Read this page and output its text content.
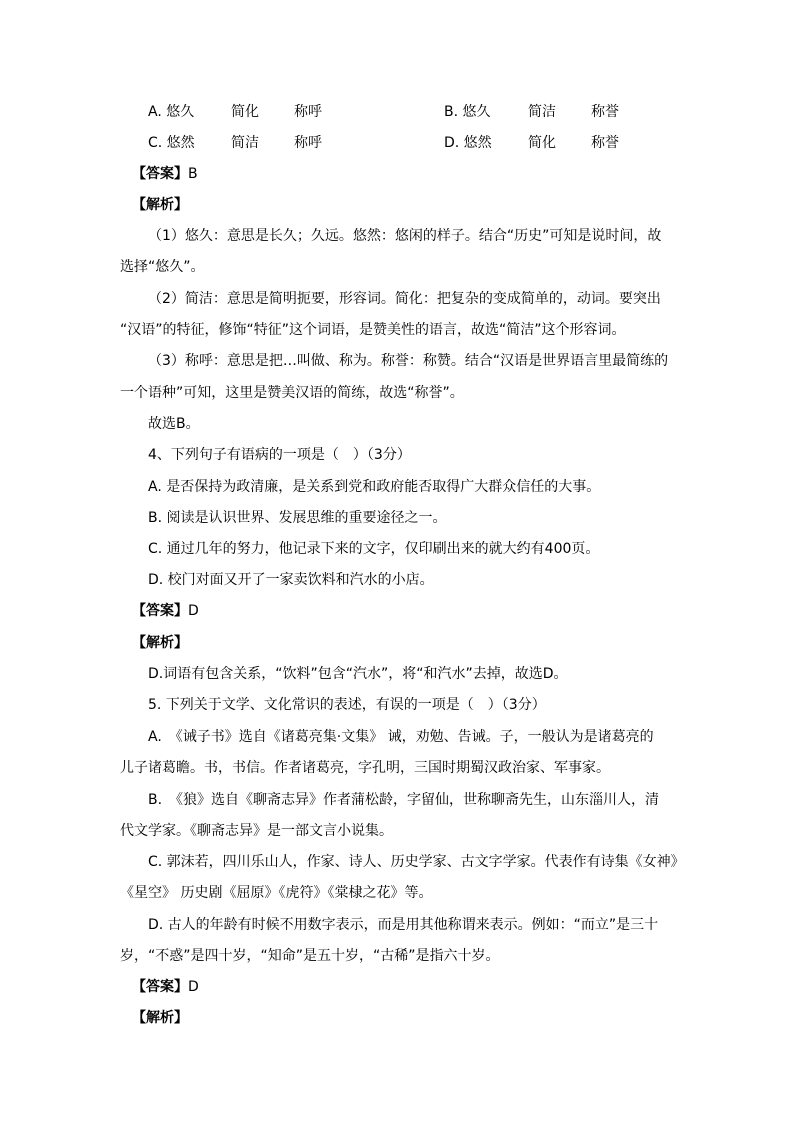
A. 悠久	简化	称呼	B. 悠久	简洁	称誉
C. 悠然	简洁	称呼	D. 悠然	简化	称誉
【答案】B
【解析】
（1）悠久：意思是长久；久远。悠然：悠闲的样子。结合“历史”可知是说时间，故
选择“悠久”。
（2）简洁：意思是简明扼要，形容词。简化：把复杂的变成简单的，动词。要突出
“汉语”的特征，修饰“特征”这个词语，是赞美性的语言，故选“简洁”这个形容词。
（3）称呼：意思是把…叫做、称为。称誉：称赞。结合“汉语是世界语言里最简练的
一个语种”可知，这里是赞美汉语的简练，故选“称誉”。
故选B。
4、下列句子有语病的一项是（　）（3分）
A. 是否保持为政清廉，是关系到党和政府能否取得广大群众信任的大事。
B. 阅读是认识世界、发展思维的重要途径之一。
C. 通过几年的努力，他记录下来的文字，仅印刷出来的就大约有400页。
D. 校门对面又开了一家卖饮料和汽水的小店。
【答案】D
【解析】
D.词语有包含关系，“饮料”包含“汽水”，将“和汽水”去掉，故选D。
5. 下列关于文学、文化常识的表述，有误的一项是（　）（3分）
A.　《诫子书》选自《诸葛亮集·文集》 诫，劝勉、告诫。子，一般认为是诸葛亮的
儿子诸葛瞻。书，书信。作者诸葛亮，字孔明，三国时期蜀汉政治家、军事家。
B.　《狼》选自《聊斋志异》作者蒲松龄，字留仙，世称聊斋先生，山东淄川人，清
代文学家。《聊斋志异》是一部文言小说集。
C. 郭沫若，四川乐山人，作家、诗人、历史学家、古文字学家。代表作有诗集《女神》
《星空》 历史剧《屈原》《虎符》《棠棣之花》等。
D. 古人的年龄有时候不用数字表示，而是用其他称谓来表示。例如：“而立”是三十
岁，“不惑”是四十岁，“知命”是五十岁，“古稀”是指六十岁。
【答案】D
【解析】
